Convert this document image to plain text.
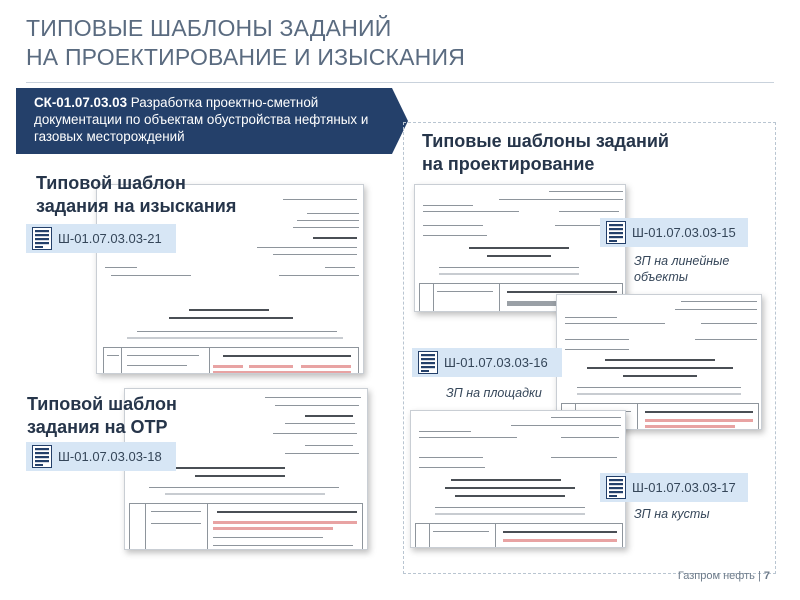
ТИПОВЫЕ ШАБЛОНЫ ЗАДАНИЙ
НА ПРОЕКТИРОВАНИЕ И ИЗЫСКАНИЯ
СК-01.07.03.03 Разработка проектно-сметной документации по объектам обустройства нефтяных и газовых месторождений
Типовой шаблон
задания на изыскания
Типовой шаблон
задания на ОТР
Типовые шаблоны заданий
на проектирование
Ш-01.07.03.03-21
Ш-01.07.03.03-18
Ш-01.07.03.03-15
Ш-01.07.03.03-16
Ш-01.07.03.03-17
ЗП на линейные
объекты
ЗП на площадки
ЗП на кусты
Газпром нефть | 7
